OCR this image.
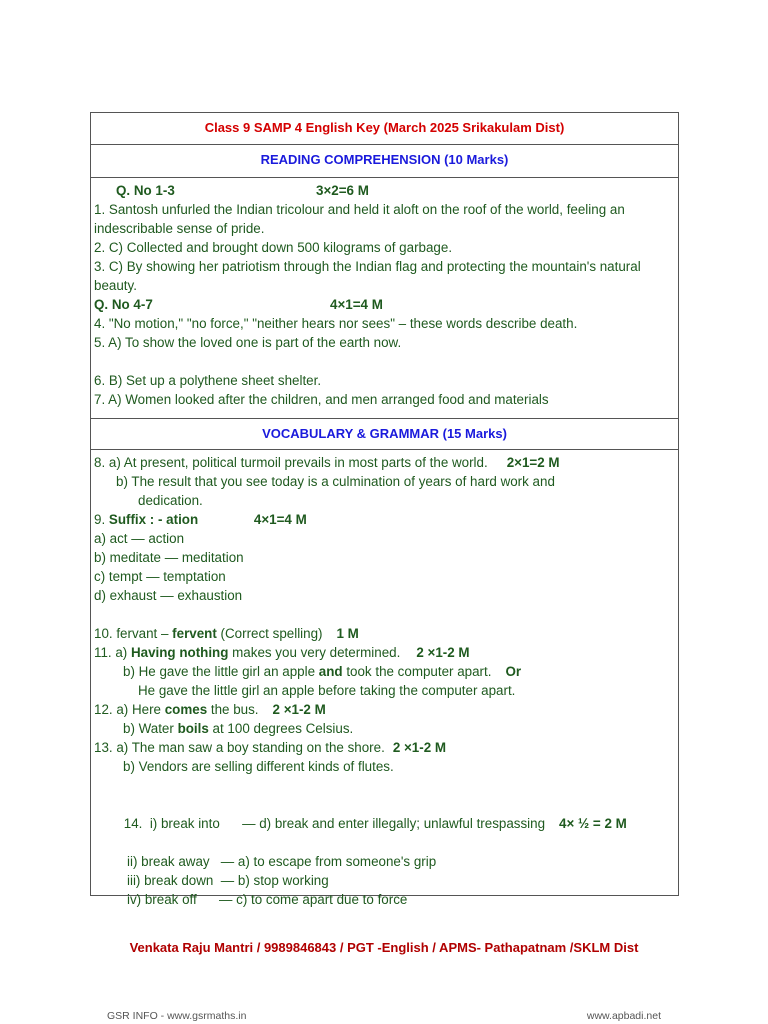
Class 9 SAMP 4 English Key (March 2025 Srikakulam Dist)
READING COMPREHENSION (10 Marks)
Q. No 1-3	3×2=6 M
1. Santosh unfurled the Indian tricolour and held it aloft on the roof of the world, feeling an
indescribable sense of pride.
2. C) Collected and brought down 500 kilograms of garbage.
3. C) By showing her patriotism through the Indian flag and protecting the mountain's natural
beauty.
Q. No 4-7	4×1=4 M
4. "No motion," "no force," "neither hears nor sees" – these words describe death.
5. A) To show the loved one is part of the earth now.
6. B) Set up a polythene sheet shelter.
7. A) Women looked after the children, and men arranged food and materials
VOCABULARY & GRAMMAR (15 Marks)
8. a) At present, political turmoil prevails in most parts of the world. 2×1=2 M
b) The result that you see today is a culmination of years of hard work and
dedication.
9. Suffix : - ation	4×1=4 M
a) act — action
b) meditate — meditation
c) tempt — temptation
d) exhaust — exhaustion
10. fervant – fervent (Correct spelling) 1 M
11. a) Having nothing makes you very determined. 2 ×1-2 M
b) He gave the little girl an apple and took the computer apart. Or
He gave the little girl an apple before taking the computer apart.
12. a) Here comes the bus. 2 ×1-2 M
b) Water boils at 100 degrees Celsius.
13. a) The man saw a boy standing on the shore. 2 ×1-2 M
b) Vendors are selling different kinds of flutes.

14.  i) break into      — d) break and enter illegally; unlawful trespassing 4× ½ = 2 M

ii) break away   — a) to escape from someone's grip
iii) break down  — b) stop working
iv) break off      — c) to come apart due to force
Venkata Raju Mantri / 9989846843 / PGT -English / APMS- Pathapatnam /SKLM Dist
GSR INFO - www.gsrmaths.in	www.apbadi.net
